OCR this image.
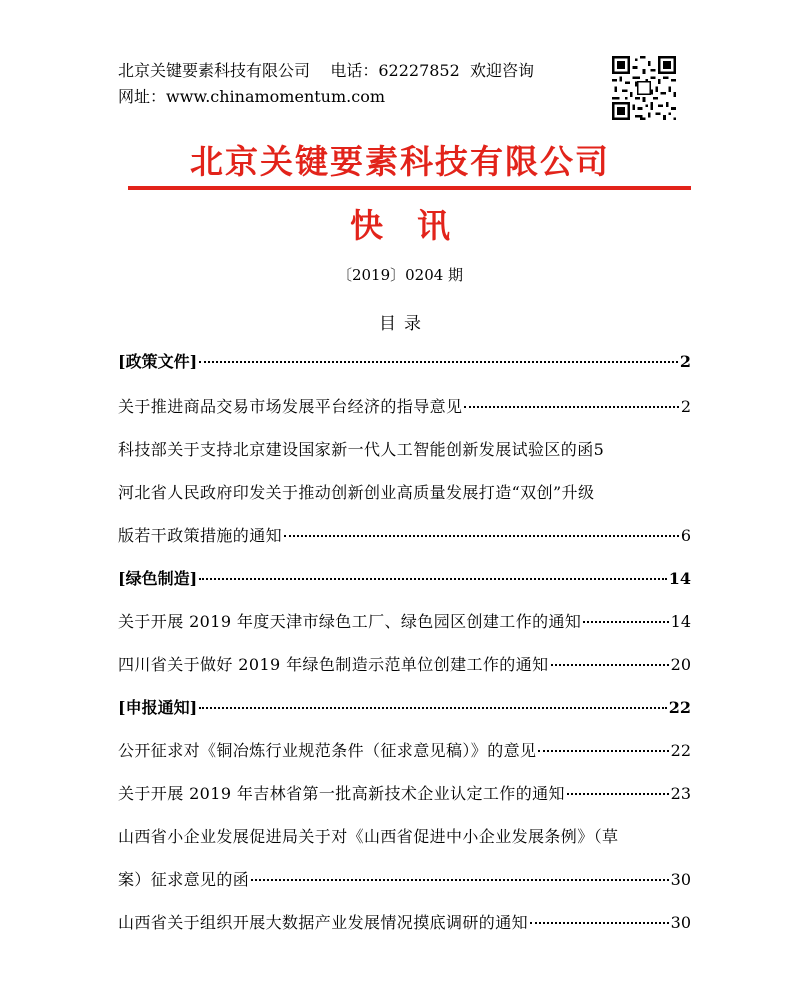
北京关键要素科技有限公司    电话：62227852  欢迎咨询
网址：www.chinamomentum.com
北京关键要素科技有限公司
快讯
〔2019〕0204 期
目录
[政策文件]	2
关于推进商品交易市场发展平台经济的指导意见	2
科技部关于支持北京建设国家新一代人工智能创新发展试验区的函 5
河北省人民政府印发关于推动创新创业高质量发展打造“双创”升级
版若干政策措施的通知	6
[绿色制造]	14
关于开展 2019 年度天津市绿色工厂、绿色园区创建工作的通知	14
四川省关于做好 2019 年绿色制造示范单位创建工作的通知	20
[申报通知]	22
公开征求对《铜冶炼行业规范条件（征求意见稿）》的意见	22
关于开展 2019 年吉林省第一批高新技术企业认定工作的通知	23
山西省小企业发展促进局关于对《山西省促进中小企业发展条例》（草
案）征求意见的函	30
山西省关于组织开展大数据产业发展情况摸底调研的通知	30
